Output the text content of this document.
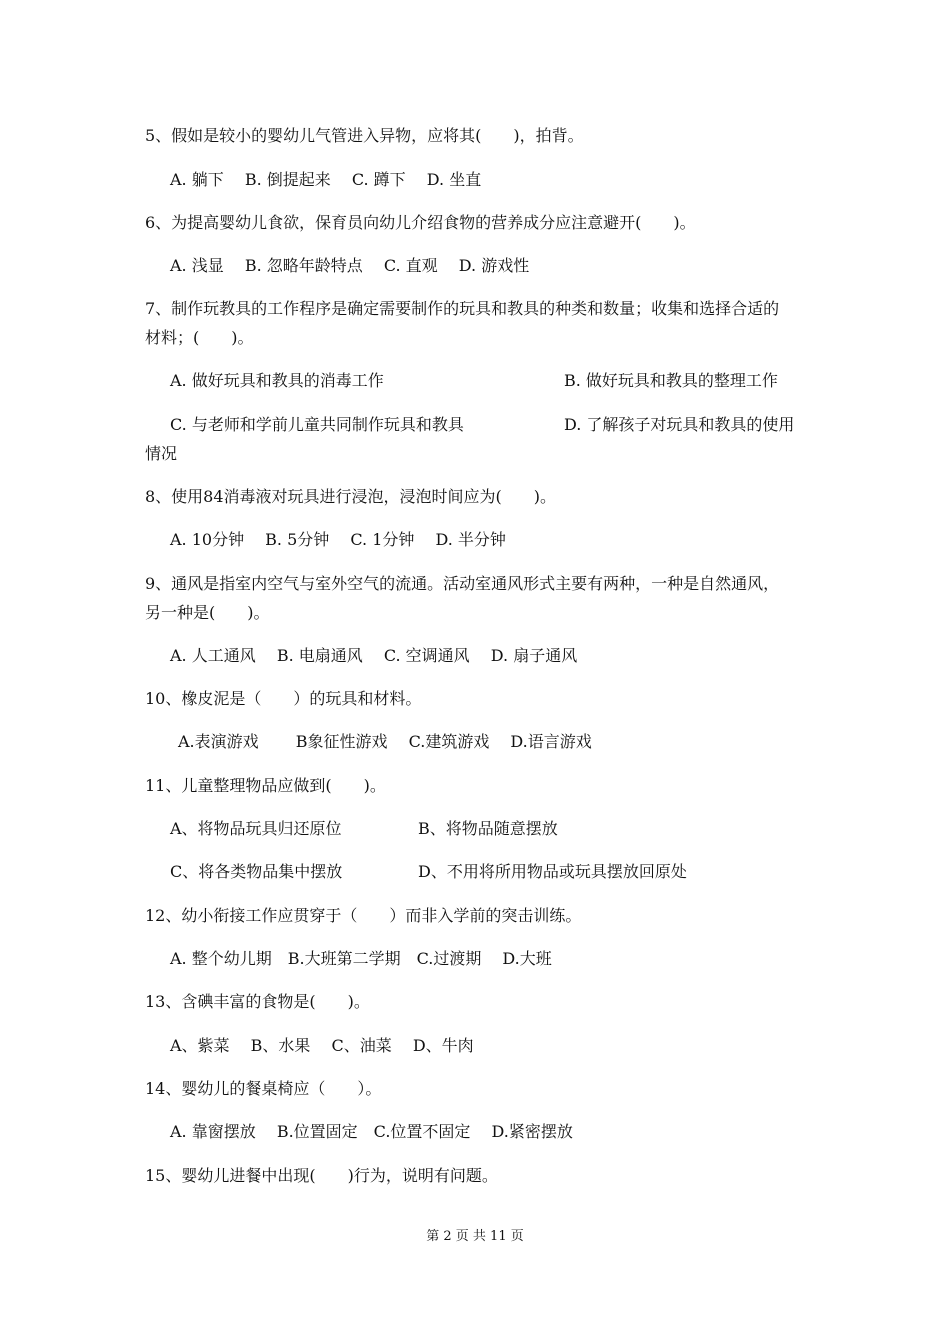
5、假如是较小的婴幼儿气管进入异物，应将其(　　)，拍背。
A. 躺下　 B. 倒提起来　 C. 蹲下　 D. 坐直
6、为提高婴幼儿食欲，保育员向幼儿介绍食物的营养成分应注意避开(　　)。
A. 浅显　 B. 忽略年龄特点　 C. 直观　 D. 游戏性
7、制作玩教具的工作程序是确定需要制作的玩具和教具的种类和数量；收集和选择合适的
材料；(　　)。
A. 做好玩具和教具的消毒工作	B. 做好玩具和教具的整理工作
C. 与老师和学前儿童共同制作玩具和教具	D. 了解孩子对玩具和教具的使用
情况
8、使用84消毒液对玩具进行浸泡，浸泡时间应为(　　)。
A. 10分钟　 B. 5分钟　 C. 1分钟　 D. 半分钟
9、通风是指室内空气与室外空气的流通。活动室通风形式主要有两种，一种是自然通风，
另一种是(　　)。
A. 人工通风　 B. 电扇通风　 C. 空调通风　 D. 扇子通风
10、橡皮泥是（　　）的玩具和材料。
A.表演游戏　　 B象征性游戏　 C.建筑游戏　 D.语言游戏
11、儿童整理物品应做到(　　)。
A、将物品玩具归还原位	B、将物品随意摆放
C、将各类物品集中摆放	D、不用将所用物品或玩具摆放回原处
12、幼小衔接工作应贯穿于（　　）而非入学前的突击训练。
A. 整个幼儿期　B.大班第二学期　C.过渡期　 D.大班
13、含碘丰富的食物是(　　)。
A、紫菜　 B、水果　 C、油菜　 D、牛肉
14、婴幼儿的餐桌椅应（　　）。
A. 靠窗摆放　 B.位置固定　C.位置不固定　 D.紧密摆放
15、婴幼儿进餐中出现(　　)行为，说明有问题。
第 2 页 共 11 页
